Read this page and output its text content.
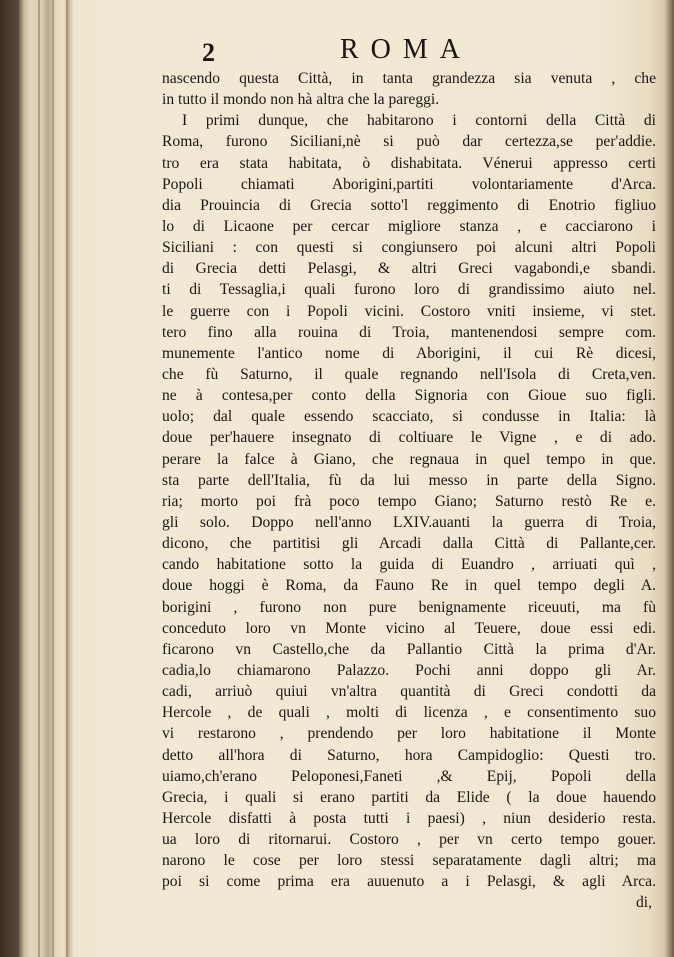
2	ROMA
nascendo questa Città, in tanta grandezza sia venuta , che
in tutto il mondo non hà altra che la pareggi.
I primi dunque, che habitarono i contorni della Città di
Roma, furono Siciliani,nè si può dar certezza,se per'addie.
tro era stata habitata, ò dishabitata. Vénerui appresso certi
Popoli chiamati Aborigini,partiti volontariamente d'Arca.
dia Prouincia di Grecia sotto'l reggimento di Enotrio figliuo
lo di Licaone per cercar migliore stanza , e cacciarono i
Siciliani : con questi si congiunsero poi alcuni altri Popoli
di Grecia detti Pelasgi, & altri Greci vagabondi,e sbandi.
ti di Tessaglia,i quali furono loro di grandissimo aiuto nel.
le guerre con i Popoli vicini. Costoro vniti insieme, vi stet.
tero fino alla rouina di Troia, mantenendosi sempre com.
munemente l'antico nome di Aborigini, il cui Rè dicesi,
che fù Saturno, il quale regnando nell'Isola di Creta,ven.
ne à contesa,per conto della Signoria con Gioue suo figli.
uolo; dal quale essendo scacciato, si condusse in Italia: là
doue per'hauere insegnato di coltiuare le Vigne , e di ado.
perare la falce à Giano, che regnaua in quel tempo in que.
sta parte dell'Italia, fù da lui messo in parte della Signo.
ria; morto poi frà poco tempo Giano; Saturno restò Re e.
gli solo. Doppo nell'anno LXIV.auanti la guerra di Troia,
dicono, che partitisi gli Arcadi dalla Città di Pallante,cer.
cando habitatione sotto la guida di Euandro , arriuati quì ,
doue hoggi è Roma, da Fauno Re in quel tempo degli A.
borigini , furono non pure benignamente riceuuti, ma fù
conceduto loro vn Monte vicino al Teuere, doue essi edi.
ficarono vn Castello,che da Pallantio Città la prima d'Ar.
cadia,lo chiamarono Palazzo. Pochi anni doppo gli Ar.
cadi, arriuò quiui vn'altra quantità di Greci condotti da
Hercole , de quali , molti di licenza , e consentimento suo
vi restarono , prendendo per loro habitatione il Monte
detto all'hora di Saturno, hora Campidoglio: Questi tro.
uiamo,ch'erano Peloponesi,Faneti ,& Epij, Popoli della
Grecia, i quali si erano partiti da Elide ( la doue hauendo
Hercole disfatti à posta tutti i paesi) , niun desiderio resta.
ua loro di ritornarui. Costoro , per vn certo tempo gouer.
narono le cose per loro stessi separatamente dagli altri; ma
poi si come prima era auuenuto a i Pelasgi, & agli Arca.
di,
